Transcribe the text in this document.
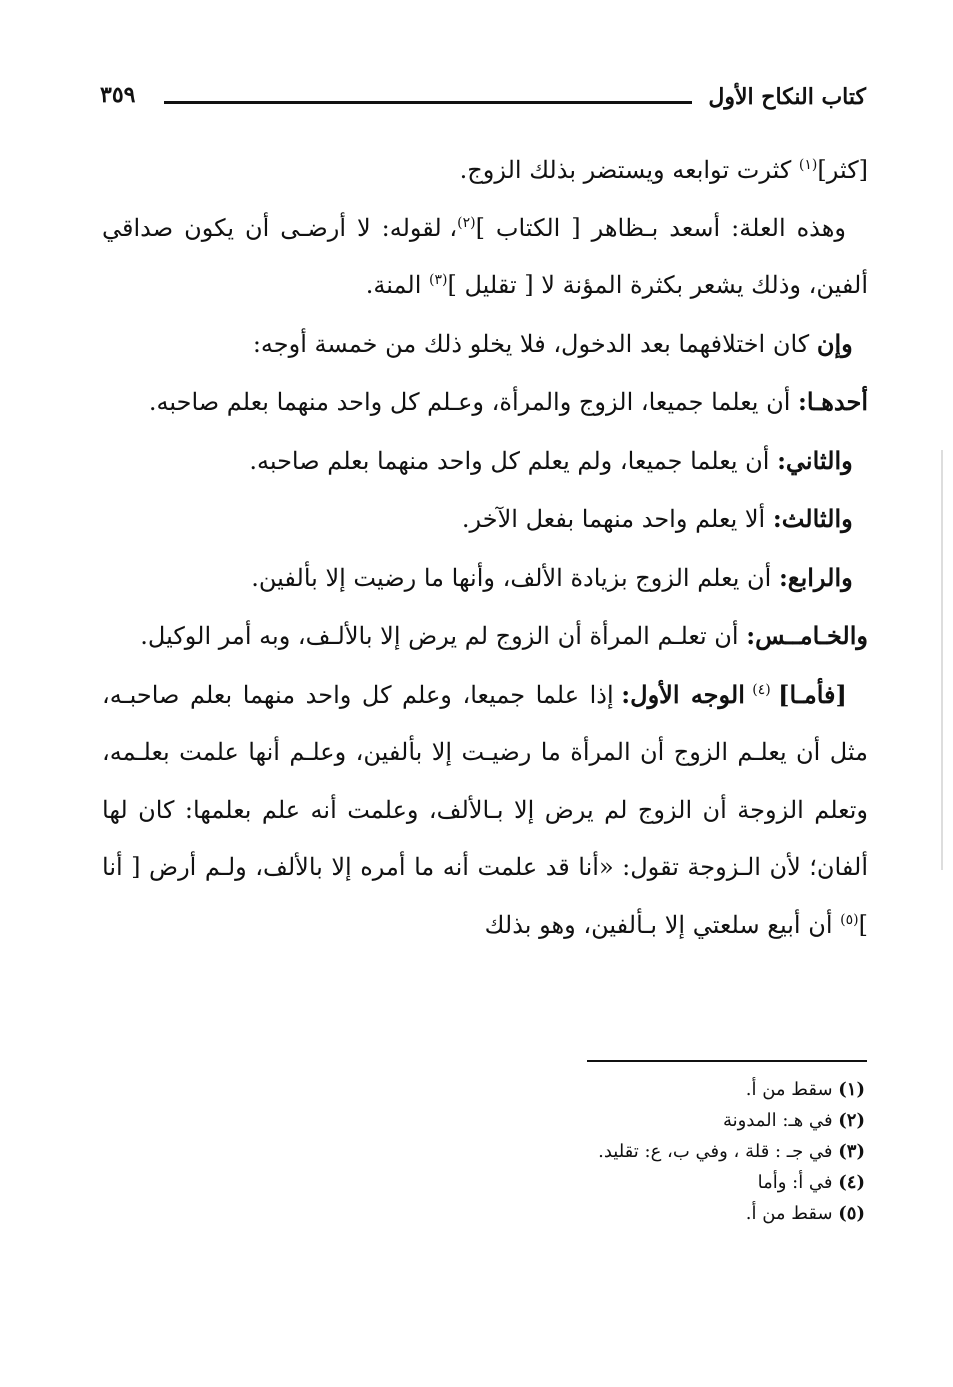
كتاب النكاح الأول
٣٥٩

[كثر]$^{(١)}$ كثرت توابعه ويستضر بذلك الزوج.

وهذه العلة: أسعد بـظاهر [ الكتاب ]$^{(٢)}$، لقوله: لا أرضـى أن يكون صداقي ألفين، وذلك يشعر بكثرة المؤنة لا [ تقليل ]$^{(٣)}$ المنة.

وإن كان اختلافهما بعد الدخول، فلا يخلو ذلك من خمسة أوجه:

أحدهـا: أن يعلما جميعا، الزوج والمرأة، وعـلم كل واحد منهما بعلم صاحبه.

والثاني: أن يعلما جميعا، ولم يعلم كل واحد منهما بعلم صاحبه.

والثالث: ألا يعلم واحد منهما بفعل الآخر.

والرابع: أن يعلم الزوج بزيادة الألف، وأنها ما رضيت إلا بألفين.

والخـامــس: أن تعلـم المرأة أن الزوج لم يرض إلا بالألـف، وبه أمر الوكيل.

[فأمـا] $^{(٤)}$ الوجه الأول: إذا علما جميعا، وعلم كل واحد منهما بعلم صاحبـه، مثل أن يعلـم الزوج أن المرأة ما رضيـت إلا بألفين، وعلـم أنها علمت بعلـمه، وتعلم الزوجة أن الزوج لم يرض إلا بـالألف، وعلمت أنه علم بعلمها: كان لها ألفان؛ لأن الـزوجة تقول: «أنا قد علمت أنه ما أمره إلا بالألف، ولـم أرض [ أنا ]$^{(٥)}$ أن أبيع سلعتي إلا بـألفين، وهو بذلك

(١) سقط من أ.
(٢) في هـ: المدونة
(٣) في جـ : قلة ، وفي ب، ع: تقليد.
(٤) في أ: وأما
(٥) سقط من أ.
